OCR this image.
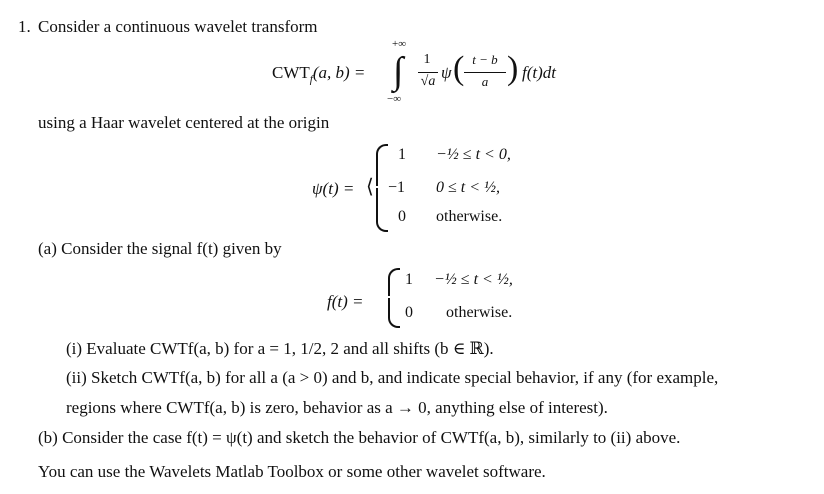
1. Consider a continuous wavelet transform
$CWT_f(a$, b) =
+∞
∫
−∞
1
√a ψ ( t − b
a ) f(t)dt
using a Haar wavelet centered at the origin
ψ(t) = ⟨
1 −½ ≤ t < 0,
−1 0 ≤ t < ½,
0 otherwise.
(a) Consider the signal f(t) given by
f(t) =
1 −½ ≤ t < ½,
0 otherwise.
(i) Evaluate CWTf(a, b) for a = 1, 1/2, 2 and all shifts (b ∈ ℝ).
(ii) Sketch CWTf(a, b) for all a (a > 0) and b, and indicate special behavior, if any (for example,
regions where CWTf(a, b) is zero, behavior as a → 0, anything else of interest).
(b) Consider the case f(t) = ψ(t) and sketch the behavior of CWTf(a, b), similarly to (ii) above.
You can use the Wavelets Matlab Toolbox or some other wavelet software.
